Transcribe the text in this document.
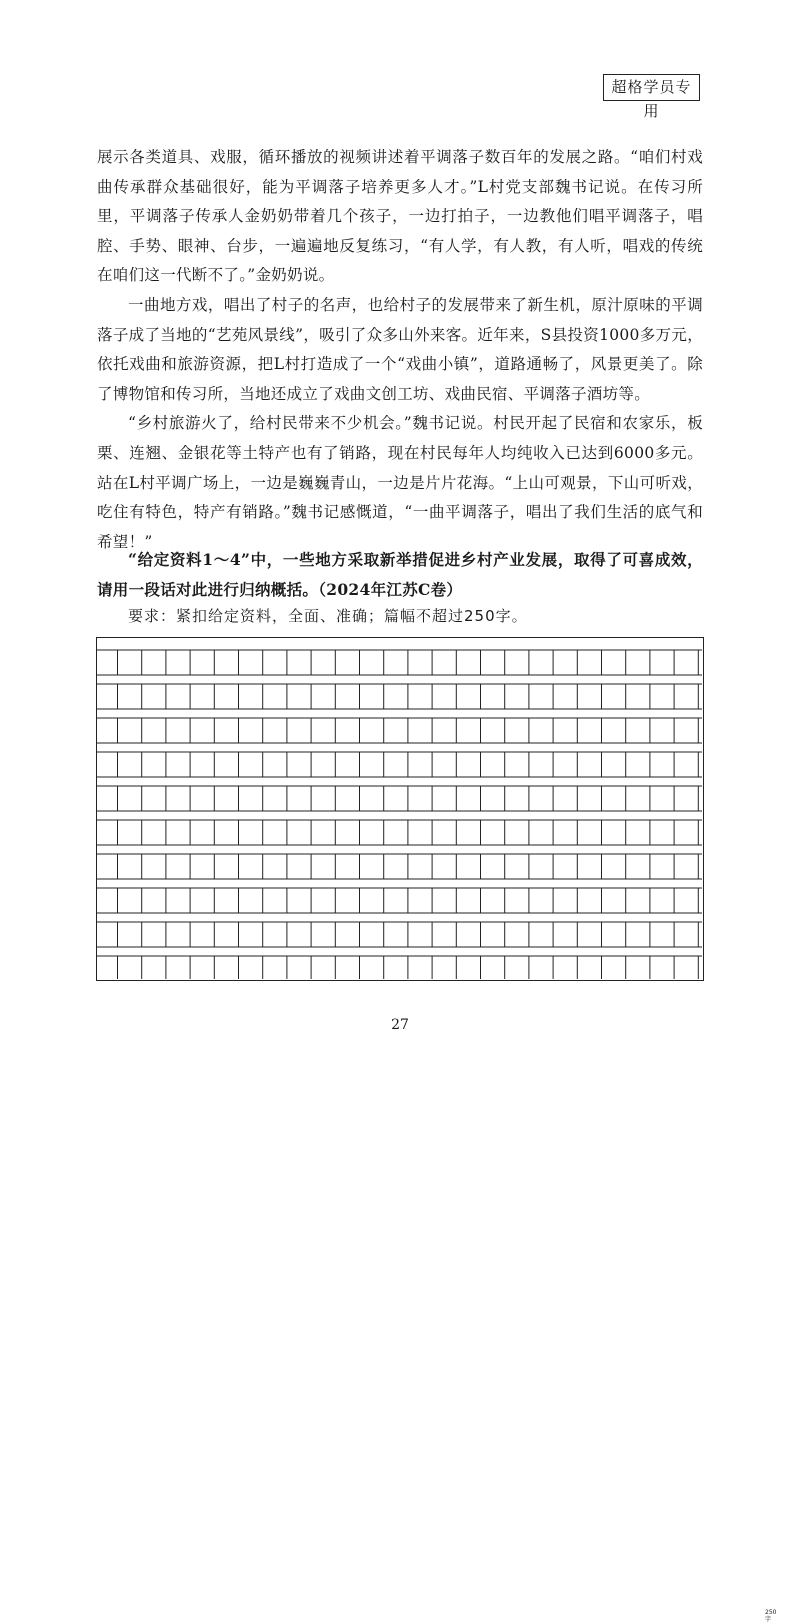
超格学员专用

展示各类道具、戏服，循环播放的视频讲述着平调落子数百年的发展之路。“咱们村戏曲传承群众基础很好，能为平调落子培养更多人才。”L村党支部魏书记说。在传习所里，平调落子传承人金奶奶带着几个孩子，一边打拍子，一边教他们唱平调落子，唱腔、手势、眼神、台步，一遍遍地反复练习，“有人学，有人教，有人听，唱戏的传统在咱们这一代断不了。”金奶奶说。

一曲地方戏，唱出了村子的名声，也给村子的发展带来了新生机，原汁原味的平调落子成了当地的“艺苑风景线”，吸引了众多山外来客。近年来，S县投资1000多万元，依托戏曲和旅游资源，把L村打造成了一个“戏曲小镇”，道路通畅了，风景更美了。除了博物馆和传习所，当地还成立了戏曲文创工坊、戏曲民宿、平调落子酒坊等。

“乡村旅游火了，给村民带来不少机会。”魏书记说。村民开起了民宿和农家乐，板栗、连翘、金银花等土特产也有了销路，现在村民每年人均纯收入已达到6000多元。站在L村平调广场上，一边是巍巍青山，一边是片片花海。“上山可观景，下山可听戏，吃住有特色，特产有销路。”魏书记感慨道，“一曲平调落子，唱出了我们生活的底气和希望！”

“给定资料1～4”中，一些地方采取新举措促进乡村产业发展，取得了可喜成效，请用一段话对此进行归纳概括。（2024年江苏C卷）
要求：紧扣给定资料，全面、准确；篇幅不超过250字。
250字
27
